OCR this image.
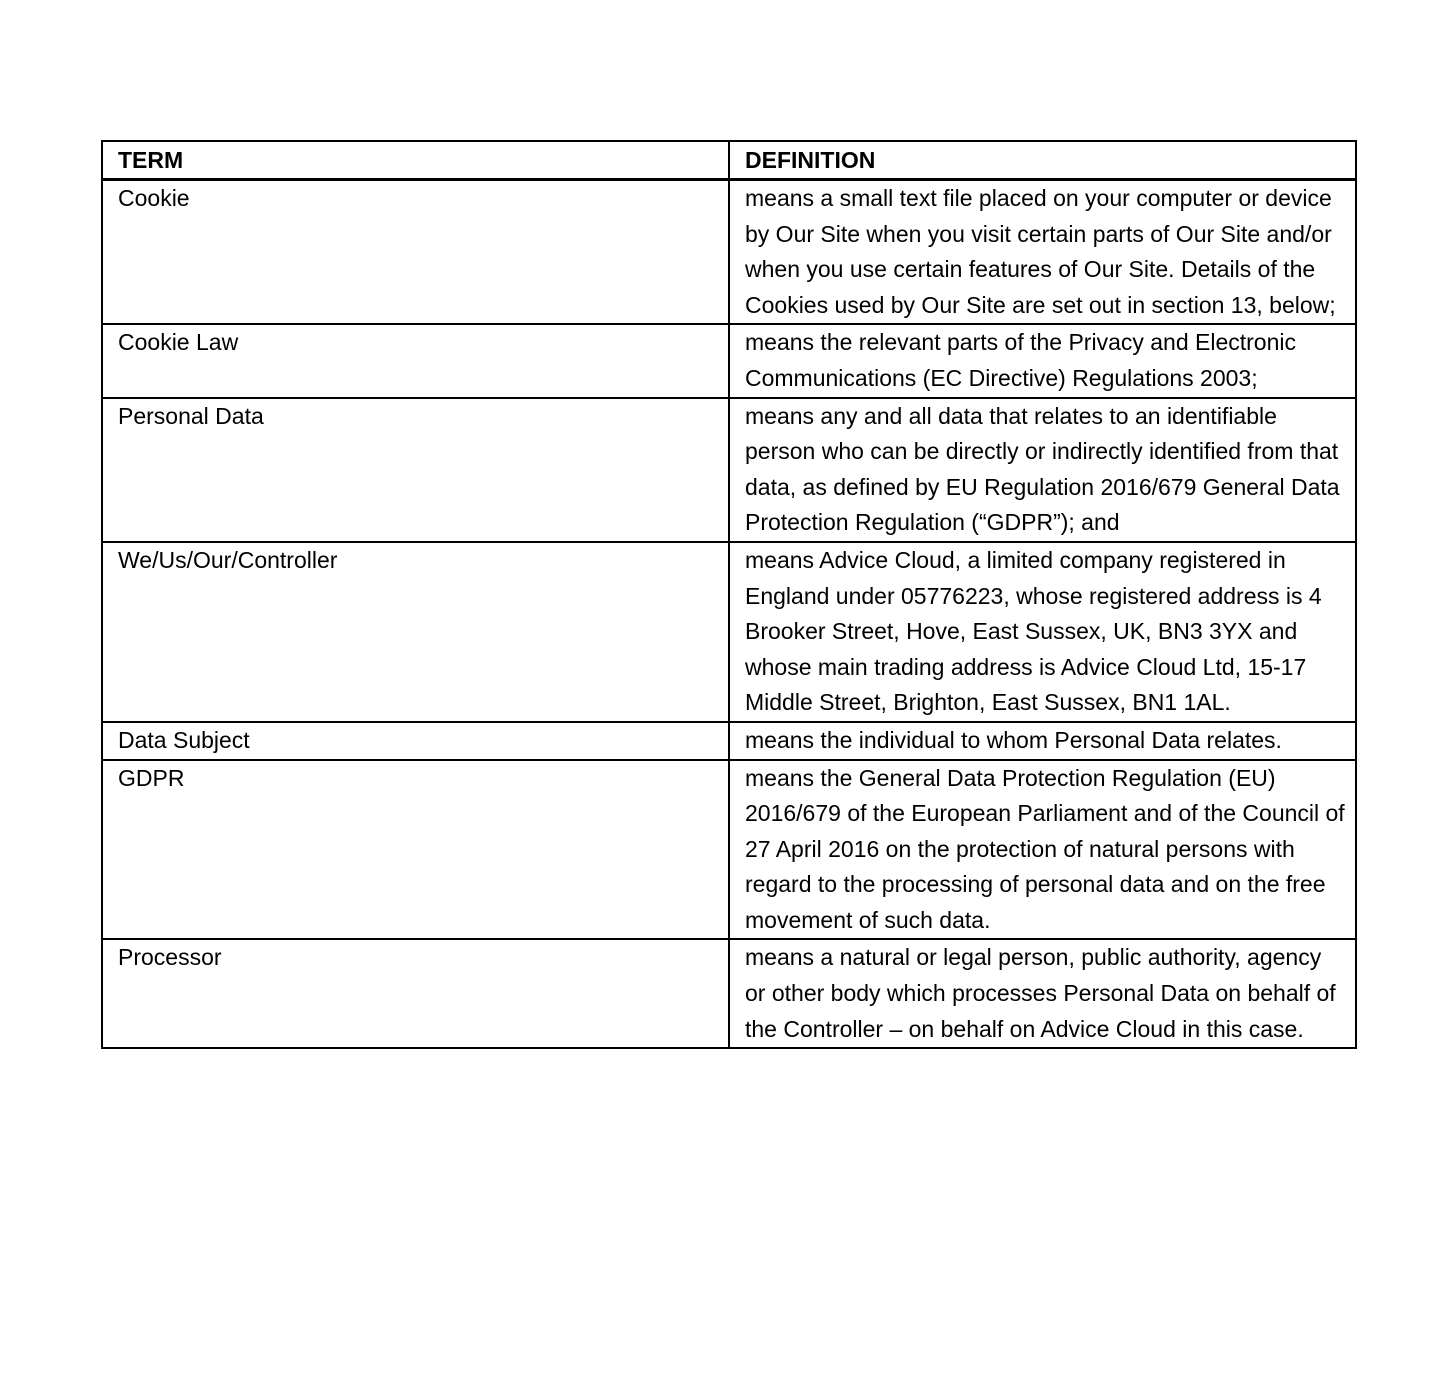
TERM	DEFINITION
Cookie	means a small text file placed on your computer or device by Our Site when you visit certain parts of Our Site and/or when you use certain features of Our Site. Details of the Cookies used by Our Site are set out in section 13, below;
Cookie Law	means the relevant parts of the Privacy and Electronic Communications (EC Directive) Regulations 2003;
Personal Data	means any and all data that relates to an identifiable person who can be directly or indirectly identified from that data, as defined by EU Regulation 2016/679 General Data Protection Regulation (“GDPR”); and
We/Us/Our/Controller	means Advice Cloud, a limited company registered in England under 05776223, whose registered address is 4 Brooker Street, Hove, East Sussex, UK, BN3 3YX and whose main trading address is Advice Cloud Ltd, 15-17 Middle Street, Brighton, East Sussex, BN1 1AL.
Data Subject	means the individual to whom Personal Data relates.
GDPR	means the General Data Protection Regulation (EU) 2016/679 of the European Parliament and of the Council of 27 April 2016 on the protection of natural persons with regard to the processing of personal data and on the free movement of such data.
Processor	means a natural or legal person, public authority, agency or other body which processes Personal Data on behalf of the Controller – on behalf on Advice Cloud in this case.
